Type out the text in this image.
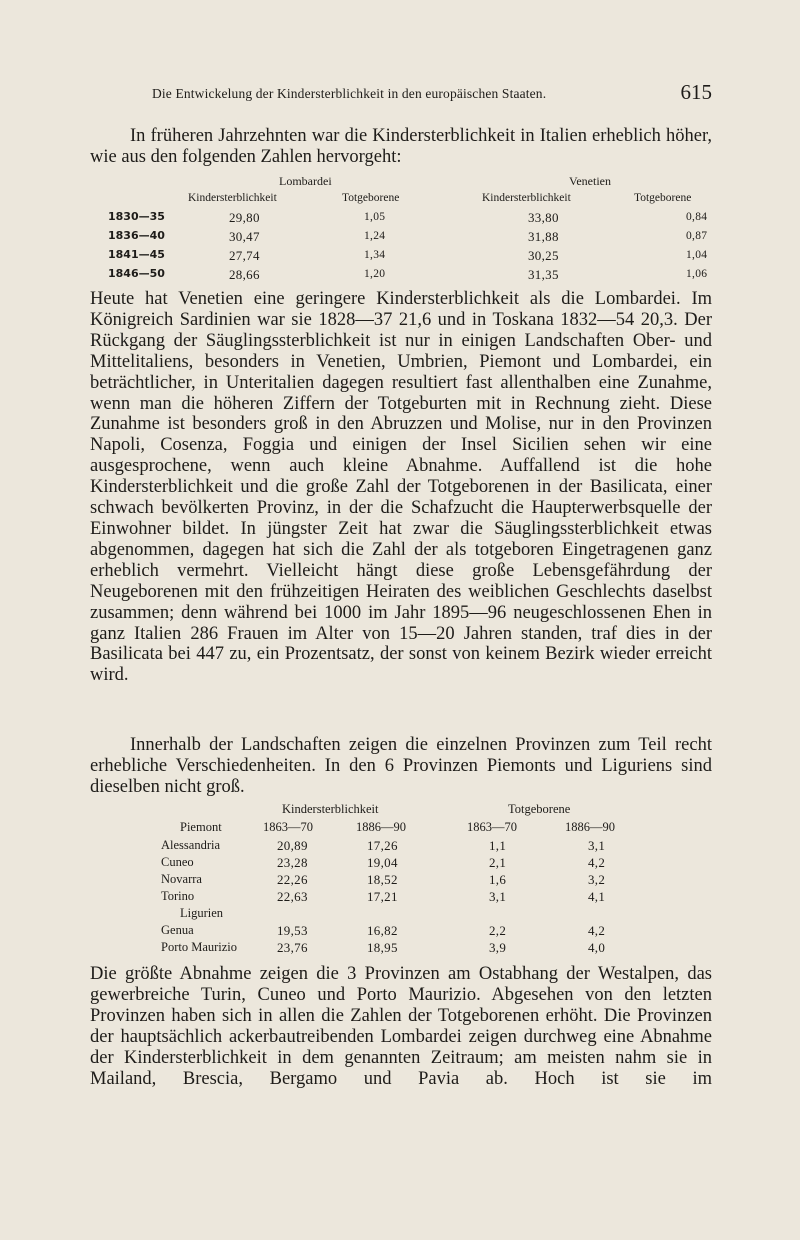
Die Entwickelung der Kindersterblichkeit in den europäischen Staaten.	615

In früheren Jahrzehnten war die Kindersterblichkeit in Italien erheblich höher, wie aus den folgenden Zahlen hervorgeht:

Lombardei	Venetien
Kindersterblichkeit	Totgeborene	Kindersterblichkeit	Totgeborene
1830—35	29,80	1,05	33,80	0,84
1836—40	30,47	1,24	31,88	0,87
1841—45	27,74	1,34	30,25	1,04
1846—50	28,66	1,20	31,35	1,06

Heute hat Venetien eine geringere Kindersterblichkeit als die Lombardei. Im Königreich Sardinien war sie 1828—37 21,6 und in Toskana 1832—54 20,3. Der Rückgang der Säuglingssterblichkeit ist nur in einigen Landschaften Ober- und Mittelitaliens, besonders in Venetien, Umbrien, Piemont und Lombardei, ein beträchtlicher, in Unteritalien dagegen resultiert fast allenthalben eine Zunahme, wenn man die höheren Ziffern der Totgeburten mit in Rechnung zieht. Diese Zunahme ist besonders groß in den Abruzzen und Molise, nur in den Provinzen Napoli, Cosenza, Foggia und einigen der Insel Sicilien sehen wir eine ausgesprochene, wenn auch kleine Abnahme. Auffallend ist die hohe Kindersterblichkeit und die große Zahl der Totgeborenen in der Basilicata, einer schwach bevölkerten Provinz, in der die Schafzucht die Haupterwerbsquelle der Einwohner bildet. In jüngster Zeit hat zwar die Säuglingssterblichkeit etwas abgenommen, dagegen hat sich die Zahl der als totgeboren Eingetragenen ganz erheblich vermehrt. Vielleicht hängt diese große Lebensgefährdung der Neugeborenen mit den frühzeitigen Heiraten des weiblichen Geschlechts daselbst zusammen; denn während bei 1000 im Jahr 1895—96 neugeschlossenen Ehen in ganz Italien 286 Frauen im Alter von 15—20 Jahren standen, traf dies in der Basilicata bei 447 zu, ein Prozentsatz, der sonst von keinem Bezirk wieder erreicht wird.

Innerhalb der Landschaften zeigen die einzelnen Provinzen zum Teil recht erhebliche Verschiedenheiten. In den 6 Provinzen Piemonts und Liguriens sind dieselben nicht groß.

Kindersterblichkeit	Totgeborene
Piemont	1863—70	1886—90	1863—70	1886—90
Alessandria	20,89	17,26	1,1	3,1
Cuneo	23,28	19,04	2,1	4,2
Novarra	22,26	18,52	1,6	3,2
Torino	22,63	17,21	3,1	4,1
Ligurien
Genua	19,53	16,82	2,2	4,2
Porto Maurizio	23,76	18,95	3,9	4,0

Die größte Abnahme zeigen die 3 Provinzen am Ostabhang der Westalpen, das gewerbreiche Turin, Cuneo und Porto Maurizio. Abgesehen von den letzten Provinzen haben sich in allen die Zahlen der Totgeborenen erhöht. Die Provinzen der hauptsächlich ackerbautreibenden Lombardei zeigen durchweg eine Abnahme der Kindersterblichkeit in dem genannten Zeitraum; am meisten nahm sie in Mailand, Brescia, Bergamo und Pavia ab. Hoch ist sie im
